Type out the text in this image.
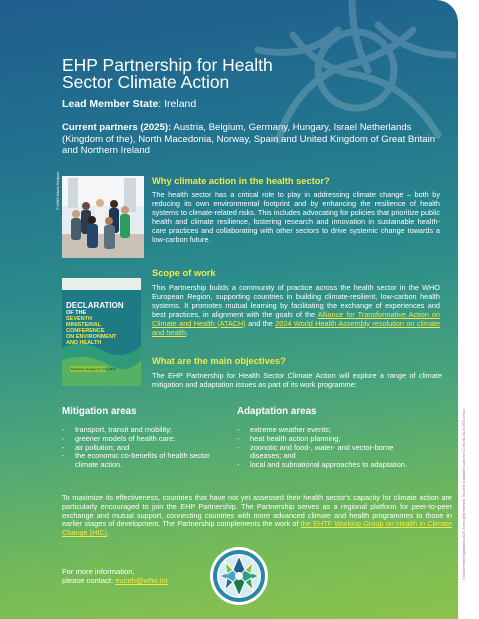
EHP Partnership for Health
Sector Climate Action
Lead Member State: Ireland
Current partners (2025): Austria, Belgium, Germany, Hungary, Israel Netherlands (Kingdom of the), North Macedonia, Norway, Spain and United Kingdom of Great Britain and Northern Ireland
© WHO/ Nikola Smiljanic
DECLARATION
OF THE
SEVENTH
MINISTERIAL
CONFERENCE
ON ENVIRONMENT
AND HEALTH
Budapest, Hungary 5-7 July 2023
Why climate action in the health sector?
The health sector has a critical role to play in addressing climate change – both by reducing its own environmental footprint and by enhancing the resilience of health systems to climate-related risks. This includes advocating for policies that prioritize public health and climate resilience, fostering research and innovation in sustainable health-care practices and collaborating with other sectors to drive systemic change towards a low-carbon future.
Scope of work
This Partnership builds a community of practice across the health sector in the WHO European Region, supporting countries in building climate-resilient, low-carbon health systems. It promotes mutual learning by facilitating the exchange of experiences and best practices, in alignment with the goals of the Alliance for Transformative Action on Climate and Health (ATACH) and the 2024 World Health Assembly resolution on climate and health.
What are the main objectives?
The EHP Partnership for Health Sector Climate Action will explore a range of climate mitigation and adaptation issues as part of its work programme:
Mitigation areas
- transport, transit and mobility;
- greener models of health care;
- air pollution; and
- the economic co-benefits of health sector climate action.
Adaptation areas
- extreme weather events;
- heat health action planning;
- zoonotic and food-, water- and vector-borne diseases; and
- local and subnational approaches to adaptation.
To maximize its effectiveness, countries that have not yet assessed their health sector's capacity for climate action are particularly encouraged to join the EHP Partnership. The Partnership serves as a regional platform for peer-to-peer exchange and mutual support, connecting countries with more advanced climate and health programmes to those in earlier stages of development. The Partnership complements the work of the EHTF Working Group on Health in Climate Change (HIC).
For more information,
please contact: euceh@who.int
